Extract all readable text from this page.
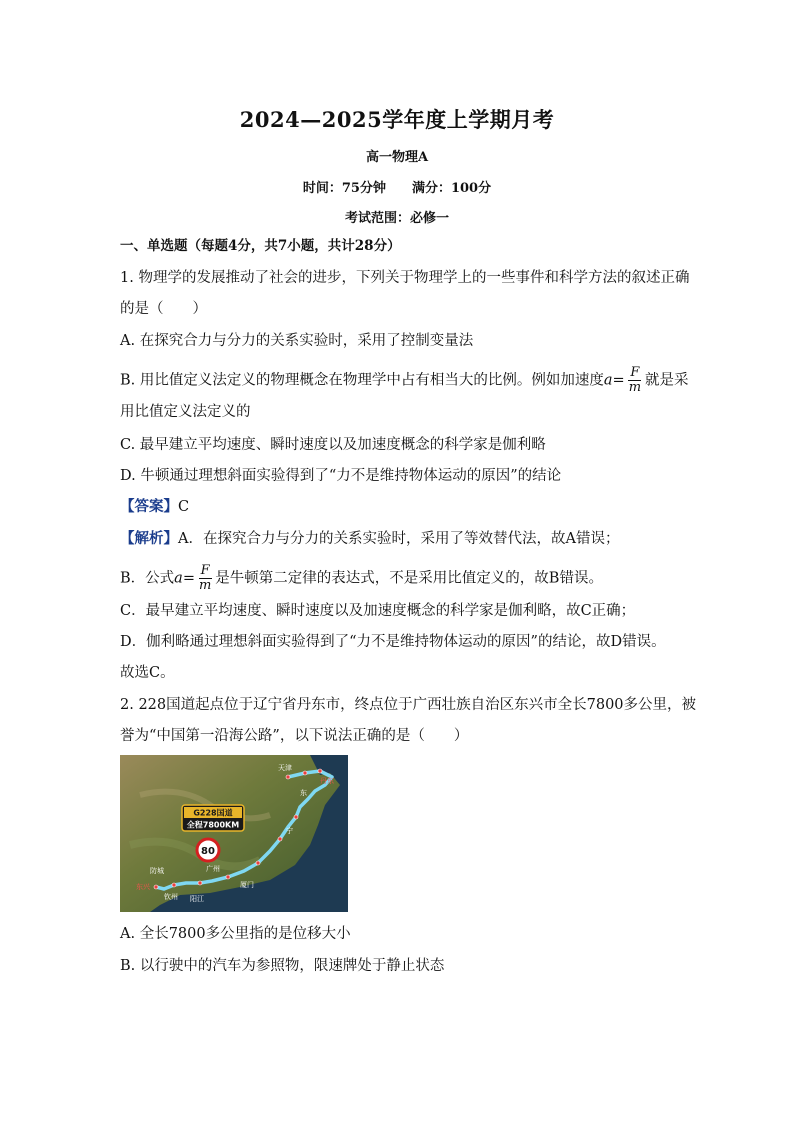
2024—2025学年度上学期月考
高一物理A
时间：75分钟　　满分：100分
考试范围：必修一
一、单选题（每题4分，共7小题，共计28分）
1. 物理学的发展推动了社会的进步，下列关于物理学上的一些事件和科学方法的叙述正确
的是（　　）
A. 在探究合力与分力的关系实验时，采用了控制变量法
B. 用比值定义法定义的物理概念在物理学中占有相当大的比例。例如加速度$a= \frac{F}{m}$ 就是采
用比值定义法定义的
C. 最早建立平均速度、瞬时速度以及加速度概念的科学家是伽利略
D. 牛顿通过理想斜面实验得到了“力不是维持物体运动的原因”的结论
【答案】C
【解析】A．在探究合力与分力的关系实验时，采用了等效替代法，故A错误；
B．公式$a= \frac{F}{m}$ 是牛顿第二定律的表达式，不是采用比值定义的，故B错误。
C．最早建立平均速度、瞬时速度以及加速度概念的科学家是伽利略，故C正确；
D．伽利略通过理想斜面实验得到了“力不是维持物体运动的原因”的结论，故D错误。
故选C。
2. 228国道起点位于辽宁省丹东市，终点位于广西壮族自治区东兴市全长7800多公里，被
誉为“中国第一沿海公路”，以下说法正确的是（　　）
天津
丹东
防城
东兴
广州
钦州 阳江
厦门
宁
东
G228国道
全程7800KM
80
A. 全长7800多公里指的是位移大小
B. 以行驶中的汽车为参照物，限速牌处于静止状态
